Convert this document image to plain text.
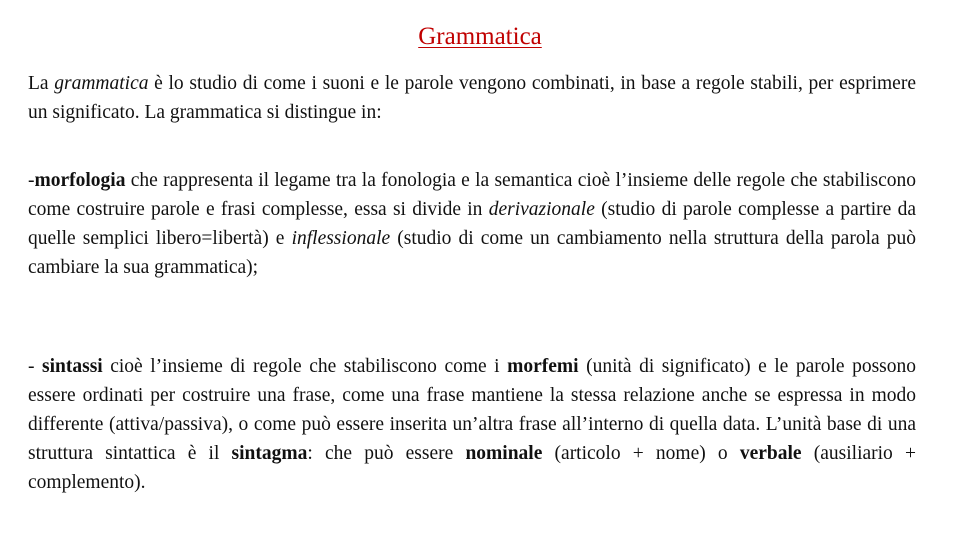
Grammatica

La grammatica è lo studio di come i suoni e le parole vengono combinati, in base a regole stabili, per esprimere un significato. La grammatica si distingue in:

-morfologia che rappresenta il legame tra la fonologia e la semantica cioè l’insieme delle regole che stabiliscono come costruire parole e frasi complesse, essa si divide in derivazionale (studio di parole complesse a partire da quelle semplici libero=libertà) e inflessionale (studio di come un cambiamento nella struttura della parola può cambiare la sua grammatica);

- sintassi cioè l’insieme di regole che stabiliscono come i morfemi (unità di significato) e le parole possono essere ordinati per costruire una frase, come una frase mantiene la stessa relazione anche se espressa in modo differente (attiva/passiva), o come può essere inserita un’altra frase all’interno di quella data. L’unità base di una struttura sintattica è il sintagma: che può essere nominale (articolo + nome) o verbale (ausiliario + complemento).
